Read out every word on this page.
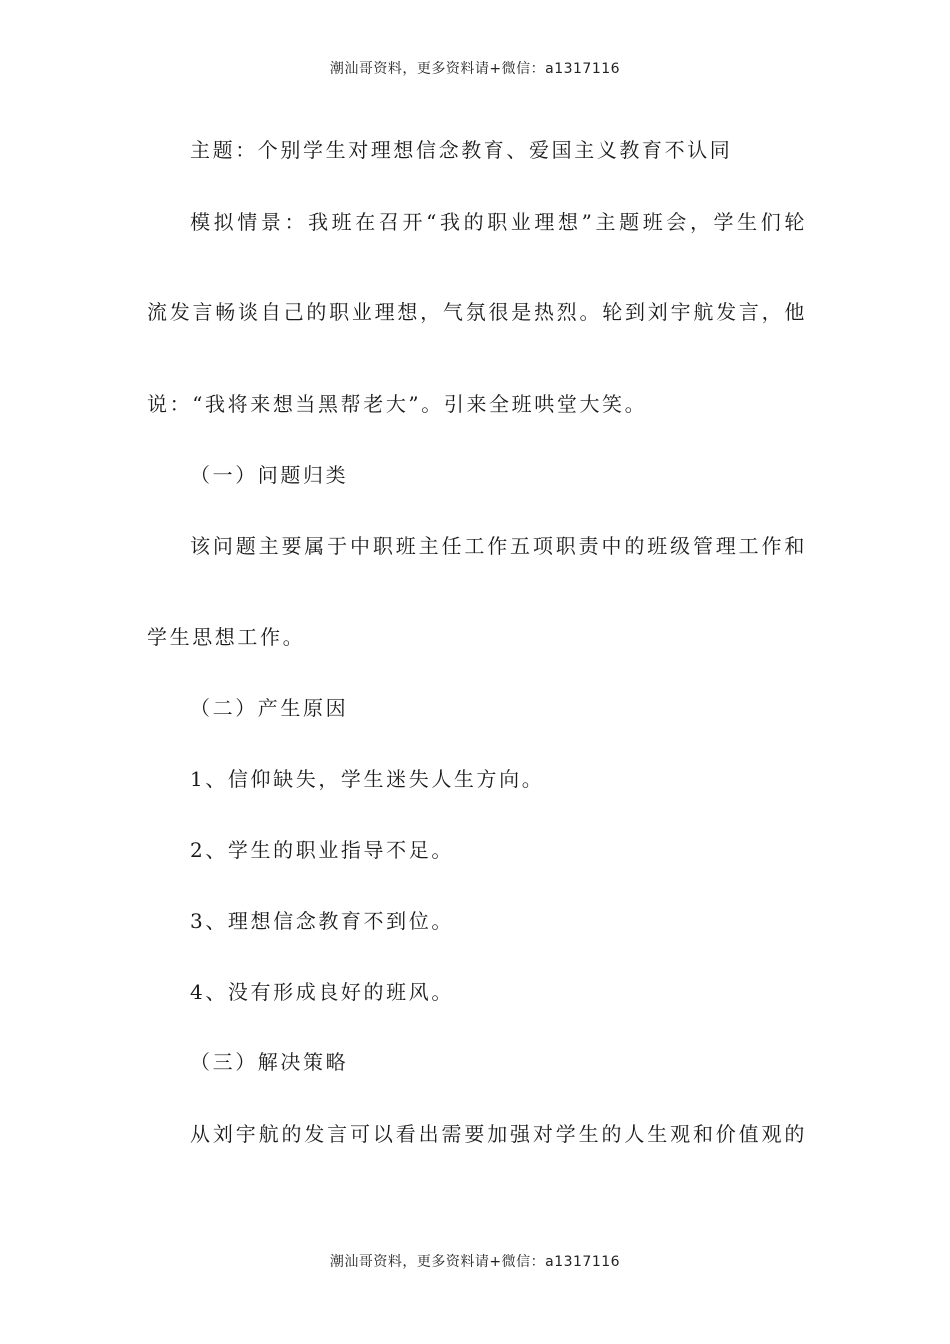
潮汕哥资料，更多资料请+微信：a1317116
主题：个别学生对理想信念教育、爱国主义教育不认同
模拟情景：我班在召开“我的职业理想”主题班会，学生们轮
流发言畅谈自己的职业理想，气氛很是热烈。轮到刘宇航发言，他
说：“我将来想当黑帮老大”。引来全班哄堂大笑。
（一）问题归类
该问题主要属于中职班主任工作五项职责中的班级管理工作和
学生思想工作。
（二）产生原因
1、信仰缺失，学生迷失人生方向。
2、学生的职业指导不足。
3、理想信念教育不到位。
4、没有形成良好的班风。
（三）解决策略
从刘宇航的发言可以看出需要加强对学生的人生观和价值观的
潮汕哥资料，更多资料请+微信：a1317116
